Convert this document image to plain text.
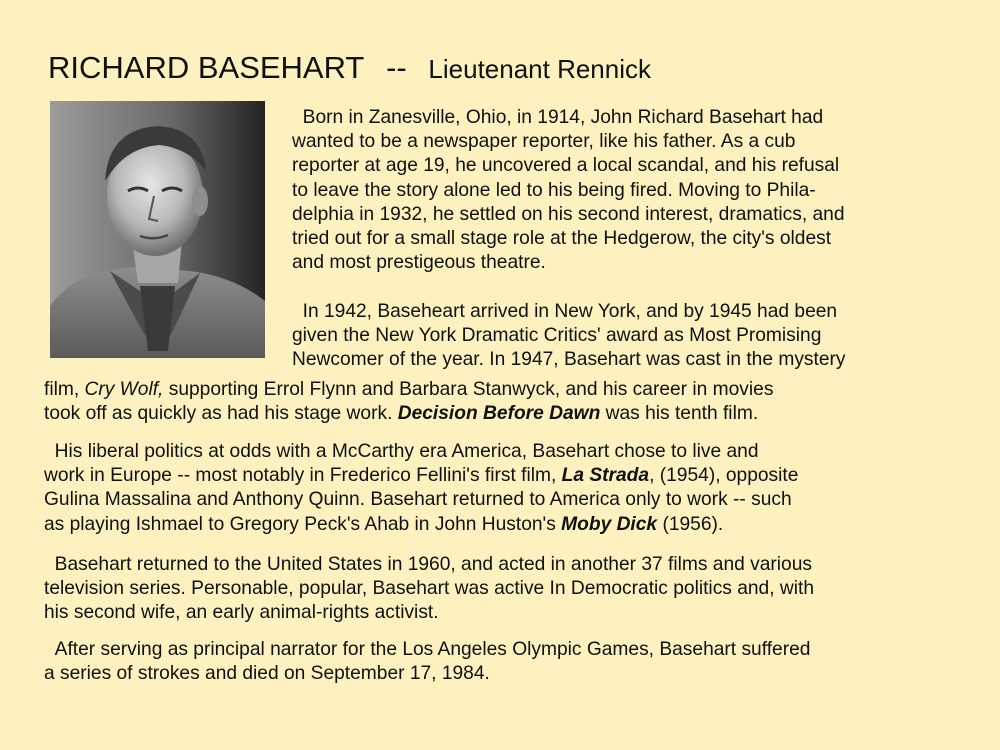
RICHARD BASEHART -- Lieutenant Rennick

Born in Zanesville, Ohio, in 1914, John Richard Basehart had
wanted to be a newspaper reporter, like his father. As a cub
reporter at age 19, he uncovered a local scandal, and his refusal
to leave the story alone led to his being fired. Moving to Phila-
delphia in 1932, he settled on his second interest, dramatics, and
tried out for a small stage role at the Hedgerow, the city's oldest
and most prestigeous theatre.

In 1942, Baseheart arrived in New York, and by 1945 had been
given the New York Dramatic Critics' award as Most Promising
Newcomer of the year. In 1947, Basehart was cast in the mystery

film, Cry Wolf, supporting Errol Flynn and Barbara Stanwyck, and his career in movies
took off as quickly as had his stage work. Decision Before Dawn was his tenth film.

His liberal politics at odds with a McCarthy era America, Basehart chose to live and
work in Europe -- most notably in Frederico Fellini's first film, La Strada, (1954), opposite
Gulina Massalina and Anthony Quinn. Basehart returned to America only to work -- such
as playing Ishmael to Gregory Peck's Ahab in John Huston's Moby Dick (1956).

Basehart returned to the United States in 1960, and acted in another 37 films and various
television series. Personable, popular, Basehart was active In Democratic politics and, with
his second wife, an early animal-rights activist.

After serving as principal narrator for the Los Angeles Olympic Games, Basehart suffered
a series of strokes and died on September 17, 1984.
